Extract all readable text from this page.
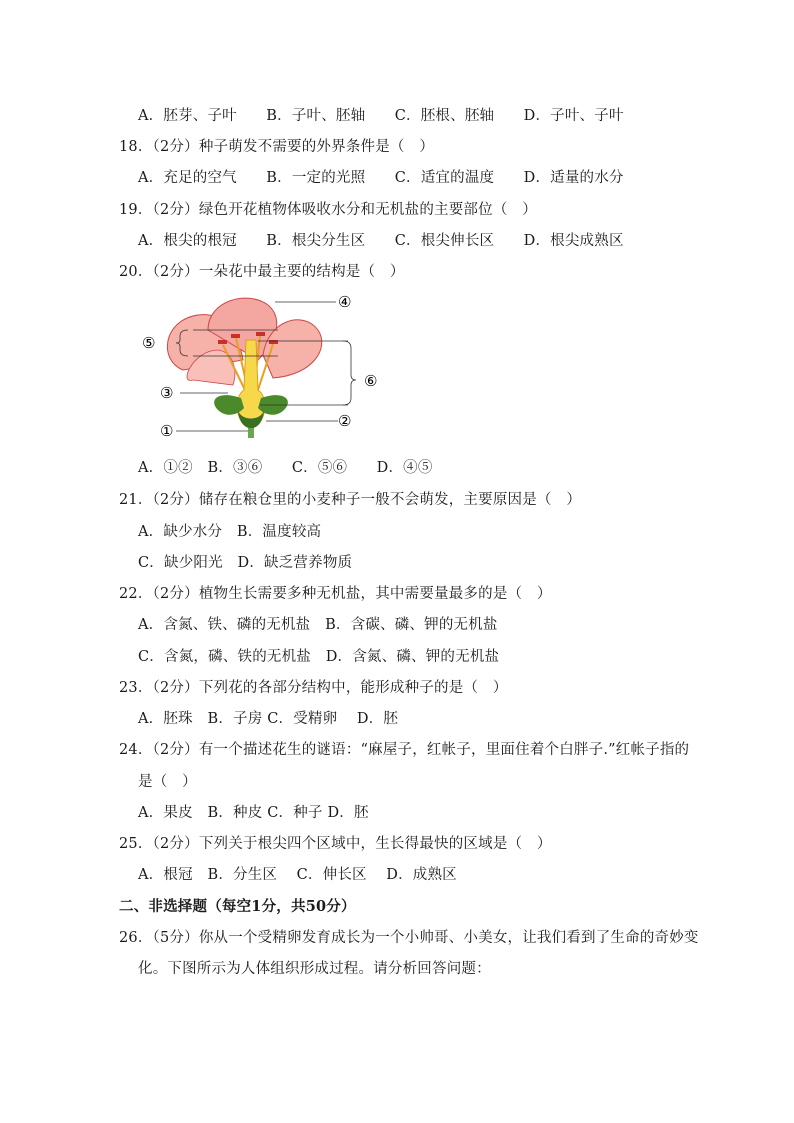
A．胚芽、子叶　　B．子叶、胚轴　　C．胚根、胚轴　　D．子叶、子叶
18．（2分）种子萌发不需要的外界条件是（　）
A．充足的空气　　B．一定的光照　　C．适宜的温度　　D．适量的水分
19．（2分）绿色开花植物体吸收水分和无机盐的主要部位（　）
A．根尖的根冠　　B．根尖分生区　　C．根尖伸长区　　D．根尖成熟区
20．（2分）一朵花中最主要的结构是（　）
④
⑤
⑥
③
②
①
A．①②　B．③⑥　　C．⑤⑥　　D．④⑤
21．（2分）储存在粮仓里的小麦种子一般不会萌发，主要原因是（　）
A．缺少水分　B．温度较高
C．缺少阳光　D．缺乏营养物质
22．（2分）植物生长需要多种无机盐，其中需要量最多的是（　）
A．含氮、铁、磷的无机盐　B．含碳、磷、钾的无机盐
C．含氮，磷、铁的无机盐　D．含氮、磷、钾的无机盐
23．（2分）下列花的各部分结构中，能形成种子的是（　）
A．胚珠　B．子房 C．受精卵　 D．胚
24．（2分）有一个描述花生的谜语：“麻屋子，红帐子，里面住着个白胖子.”红帐子指的
是（　）
A．果皮　B．种皮 C．种子 D．胚
25．（2分）下列关于根尖四个区域中，生长得最快的区域是（　）
A．根冠　B．分生区　 C．伸长区　 D．成熟区
二、非选择题（每空1分，共50分）
26．（5分）你从一个受精卵发育成长为一个小帅哥、小美女，让我们看到了生命的奇妙变
化。下图所示为人体组织形成过程。请分析回答问题：
